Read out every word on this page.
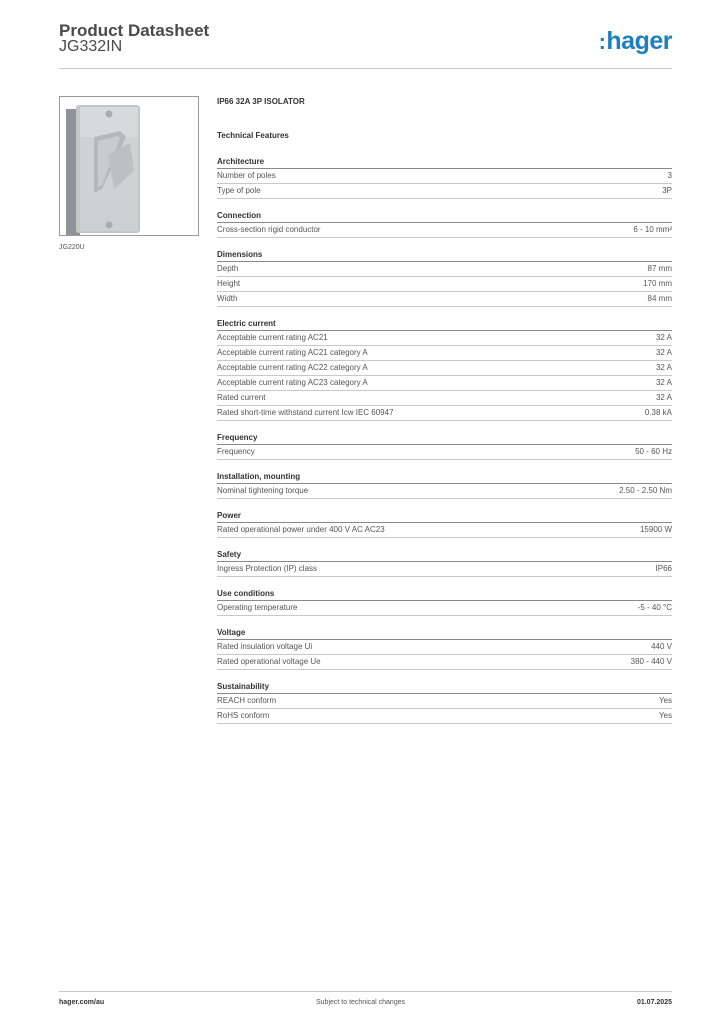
Product Datasheet
JG332IN	:hager
JG220U
IP66 32A 3P ISOLATOR
Technical Features
Architecture
Number of poles	3
Type of pole	3P
Connection
Cross-section rigid conductor	6 - 10 mm²
Dimensions
Depth	87 mm
Height	170 mm
Width	84 mm
Electric current
Acceptable current rating AC21	32 A
Acceptable current rating AC21 category A	32 A
Acceptable current rating AC22 category A	32 A
Acceptable current rating AC23 category A	32 A
Rated current	32 A
Rated short-time withstand current Icw IEC 60947	0.38 kA
Frequency
Frequency	50 - 60 Hz
Installation, mounting
Nominal tightening torque	2.50 - 2.50 Nm
Power
Rated operational power under 400 V AC AC23	15900 W
Safety
Ingress Protection (IP) class	IP66
Use conditions
Operating temperature	-5 - 40 °C
Voltage
Rated insulation voltage Ui	440 V
Rated operational voltage Ue	380 - 440 V
Sustainability
REACH conform	Yes
RoHS conform	Yes
hager.com/au	Subject to technical changes	01.07.2025
